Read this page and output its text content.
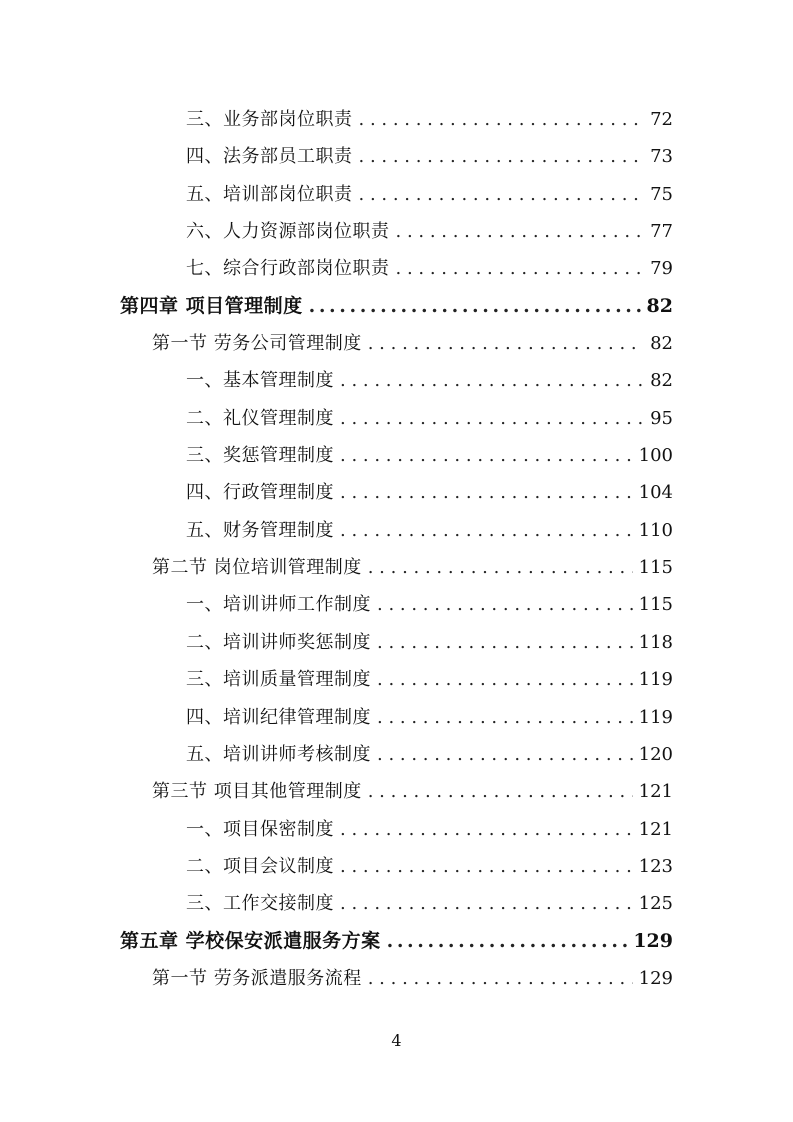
三、业务部岗位职责 . . .	72
四、法务部员工职责 . . .	73
五、培训部岗位职责 . . .	75
六、人力资源部岗位职责 . . .	77
七、综合行政部岗位职责 . . .	79
第四章 项目管理制度 .....	82
第一节 劳务公司管理制度 . . .	82
一、基本管理制度 . . .	82
二、礼仪管理制度 . . .	95
三、奖惩管理制度 . . .	100
四、行政管理制度 . . .	104
五、财务管理制度 . . .	110
第二节 岗位培训管理制度 . . .	115
一、培训讲师工作制度 . . .	115
二、培训讲师奖惩制度 . . .	118
三、培训质量管理制度 . . .	119
四、培训纪律管理制度 . . .	119
五、培训讲师考核制度 . . .	120
第三节 项目其他管理制度 . . .	121
一、项目保密制度 . . .	121
二、项目会议制度 . . .	123
三、工作交接制度 . . .	125
第五章 学校保安派遣服务方案 .....	129
第一节 劳务派遣服务流程 . . .	129
4
